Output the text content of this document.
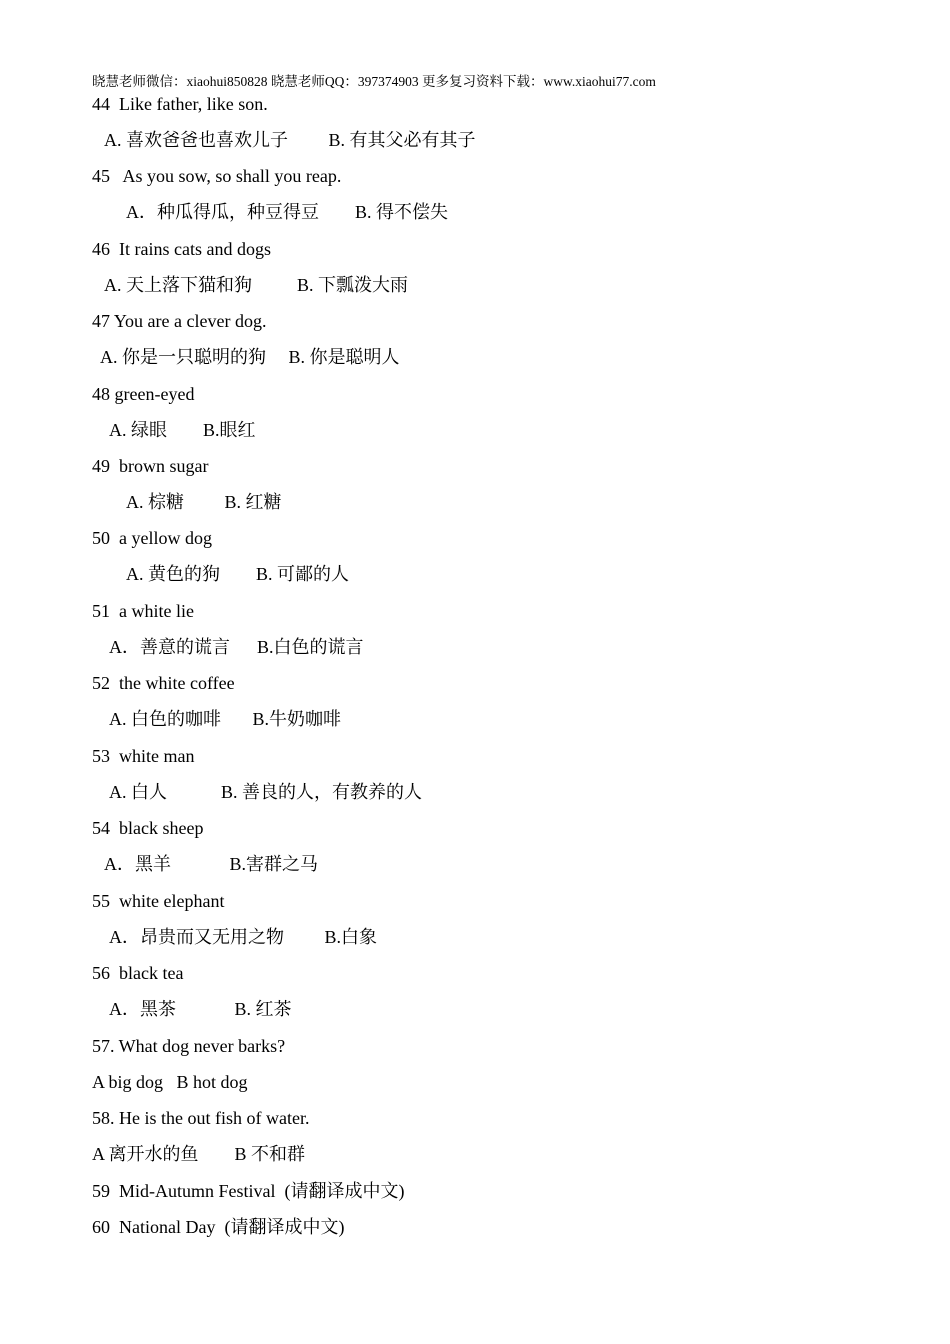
晓慧老师微信：xiaohui850828 晓慧老师QQ：397374903 更多复习资料下载：www.xiaohui77.com
44  Like father, like son.
A. 喜欢爸爸也喜欢儿子         B. 有其父必有其子
45   As you sow, so shall you reap.
A．种瓜得瓜，种豆得豆        B. 得不偿失
46  It rains cats and dogs
A. 天上落下猫和狗          B. 下瓢泼大雨
47 You are a clever dog.
A. 你是一只聪明的狗     B. 你是聪明人
48 green-eyed
A. 绿眼        B.眼红
49  brown sugar
A. 棕糖         B. 红糖
50  a yellow dog
A. 黄色的狗        B. 可鄙的人
51  a white lie
A．善意的谎言      B.白色的谎言
52  the white coffee
A. 白色的咖啡       B.牛奶咖啡
53  white man
A. 白人            B. 善良的人，有教养的人
54  black sheep
A．黑羊             B.害群之马
55  white elephant
A．昂贵而又无用之物         B.白象
56  black tea
A．黑茶             B. 红茶
57. What dog never barks?
A big dog   B hot dog
58. He is the out fish of water.
A 离开水的鱼        B 不和群
59  Mid-Autumn Festival  (请翻译成中文)
60  National Day  (请翻译成中文)
